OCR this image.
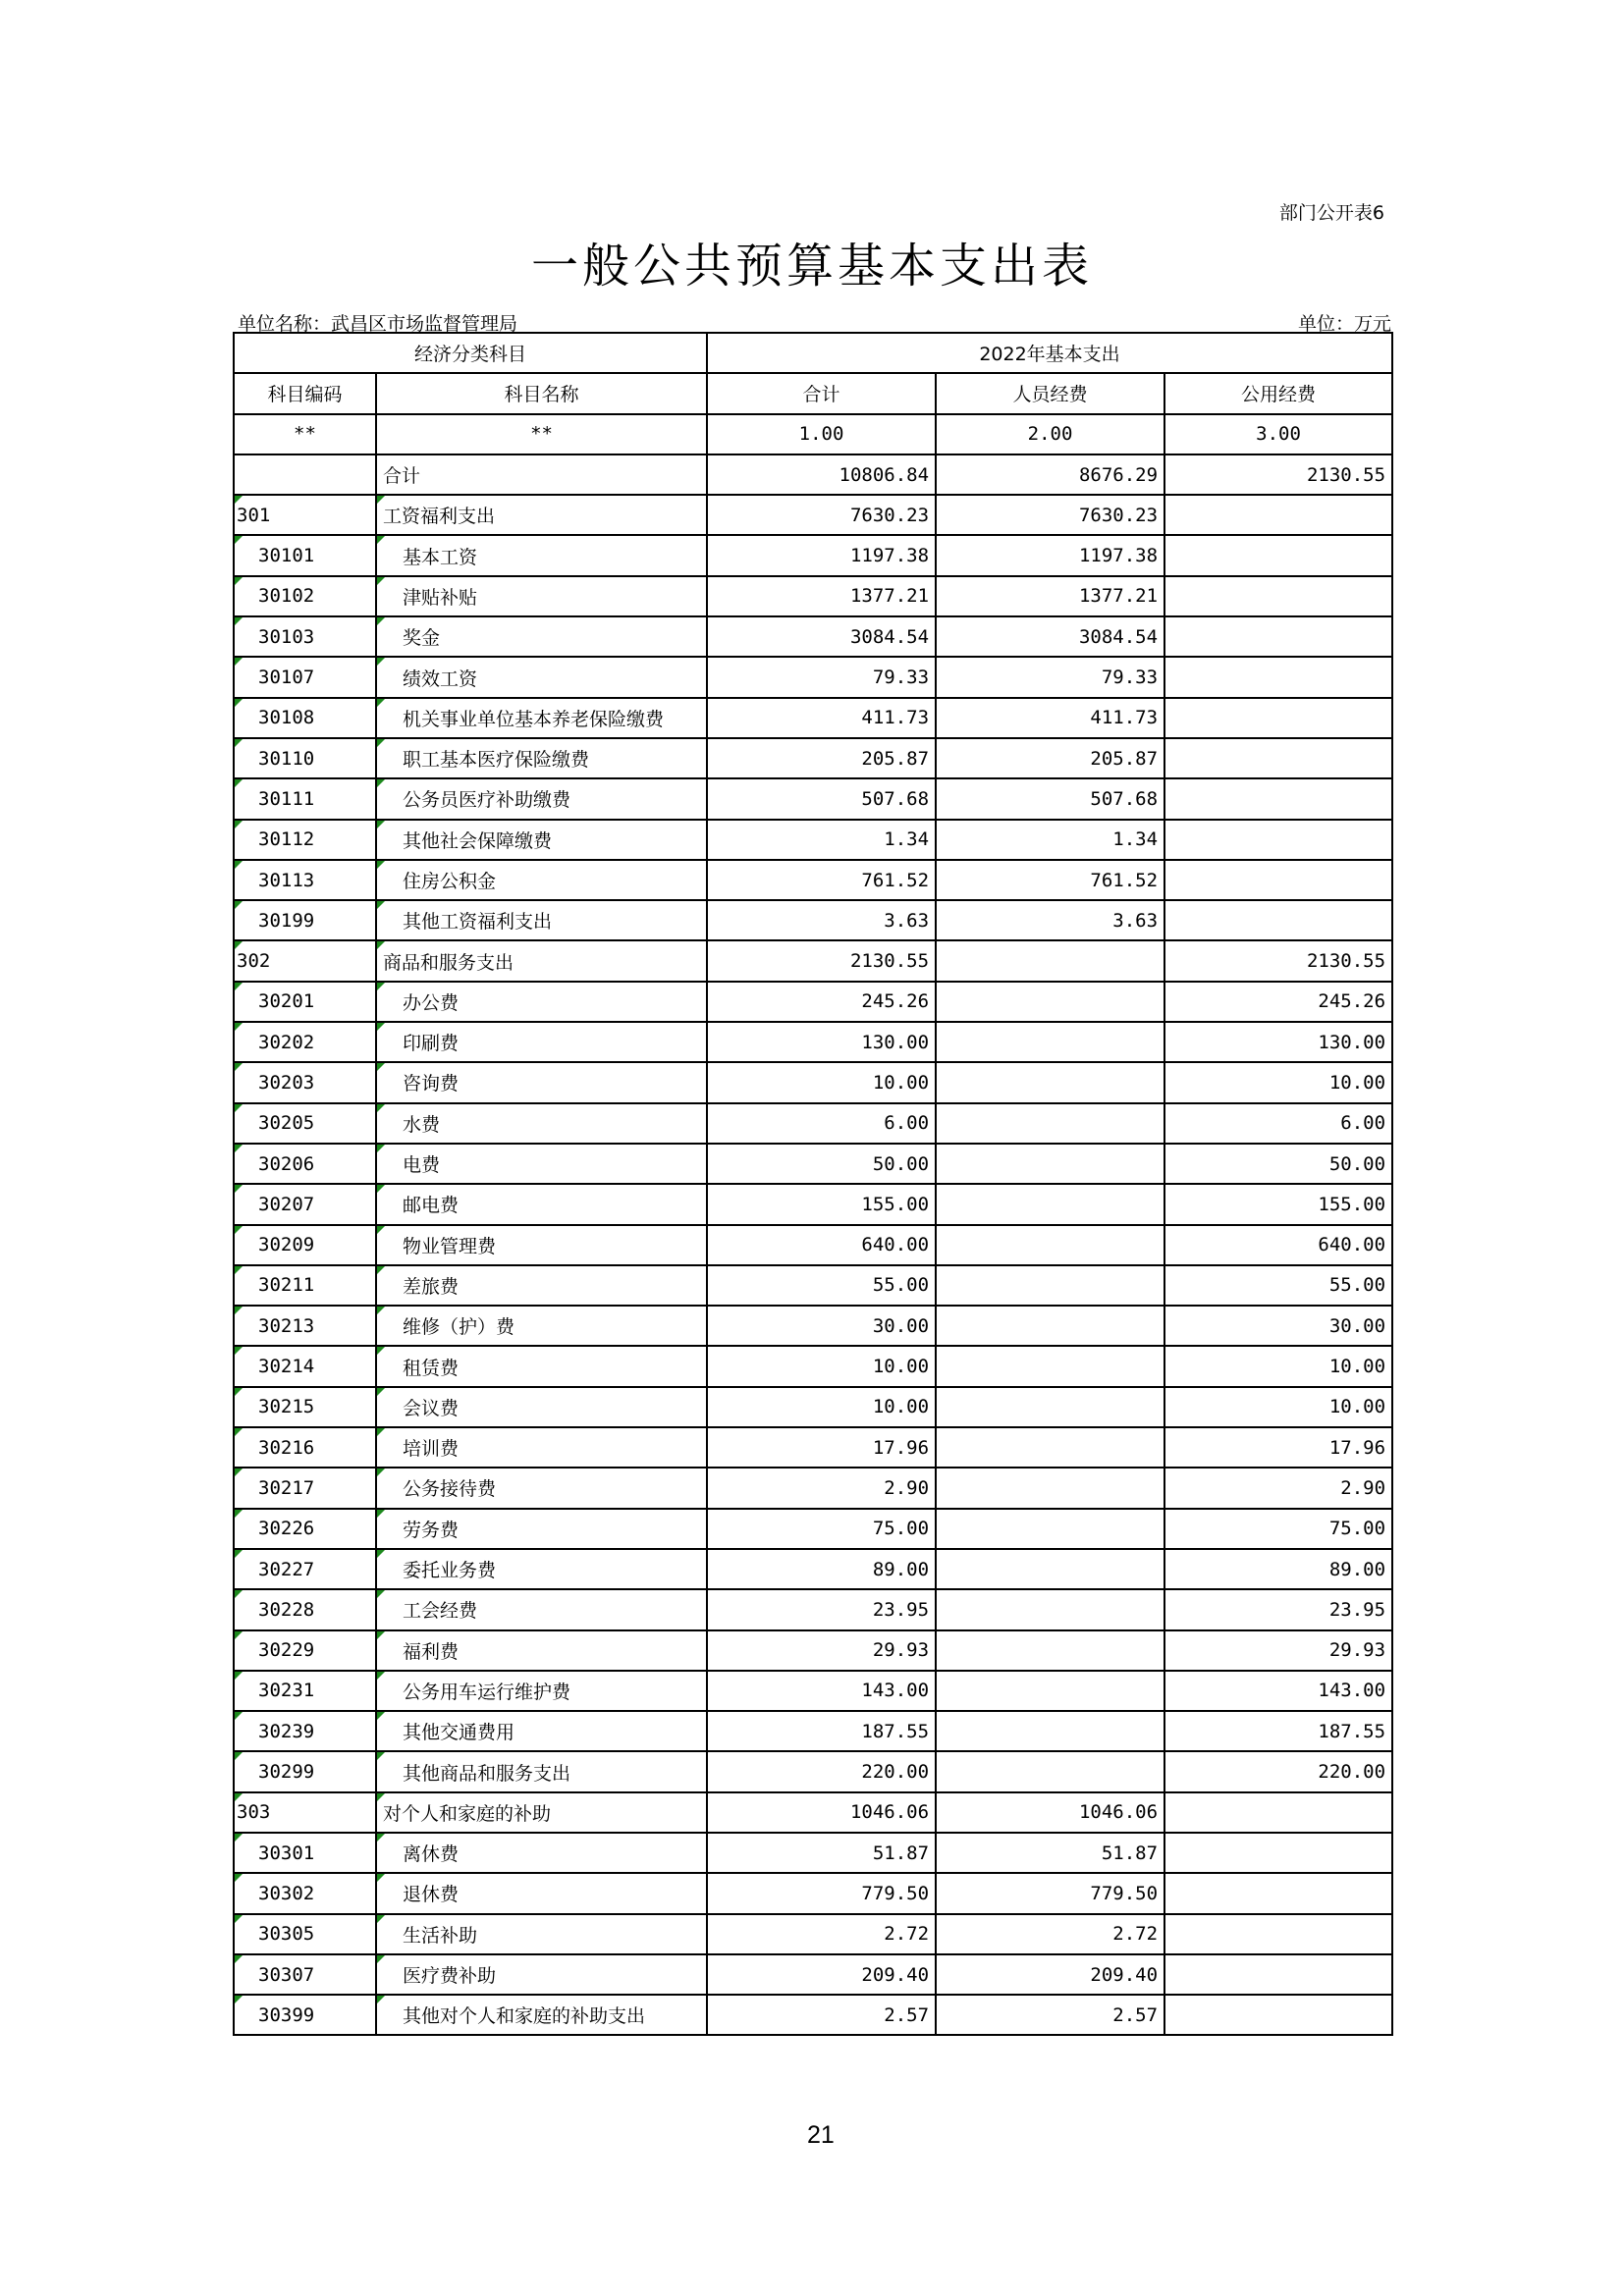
部门公开表6
一般公共预算基本支出表
单位名称：武昌区市场监督管理局	单位：万元
经济分类科目		2022年基本支出		
科目编码	科目名称	合计	人员经费	公用经费
**	**	1.00	2.00	3.00
	合计	10806.84	8676.29	2130.55
301	工资福利支出	7630.23	7630.23	
30101	基本工资	1197.38	1197.38	
30102	津贴补贴	1377.21	1377.21	
30103	奖金	3084.54	3084.54	
30107	绩效工资	79.33	79.33	
30108	机关事业单位基本养老保险缴费	411.73	411.73	
30110	职工基本医疗保险缴费	205.87	205.87	
30111	公务员医疗补助缴费	507.68	507.68	
30112	其他社会保障缴费	1.34	1.34	
30113	住房公积金	761.52	761.52	
30199	其他工资福利支出	3.63	3.63	
302	商品和服务支出	2130.55		2130.55
30201	办公费	245.26		245.26
30202	印刷费	130.00		130.00
30203	咨询费	10.00		10.00
30205	水费	6.00		6.00
30206	电费	50.00		50.00
30207	邮电费	155.00		155.00
30209	物业管理费	640.00		640.00
30211	差旅费	55.00		55.00
30213	维修（护）费	30.00		30.00
30214	租赁费	10.00		10.00
30215	会议费	10.00		10.00
30216	培训费	17.96		17.96
30217	公务接待费	2.90		2.90
30226	劳务费	75.00		75.00
30227	委托业务费	89.00		89.00
30228	工会经费	23.95		23.95
30229	福利费	29.93		29.93
30231	公务用车运行维护费	143.00		143.00
30239	其他交通费用	187.55		187.55
30299	其他商品和服务支出	220.00		220.00
303	对个人和家庭的补助	1046.06	1046.06	
30301	离休费	51.87	51.87	
30302	退休费	779.50	779.50	
30305	生活补助	2.72	2.72	
30307	医疗费补助	209.40	209.40	
30399	其他对个人和家庭的补助支出	2.57	2.57	
21
